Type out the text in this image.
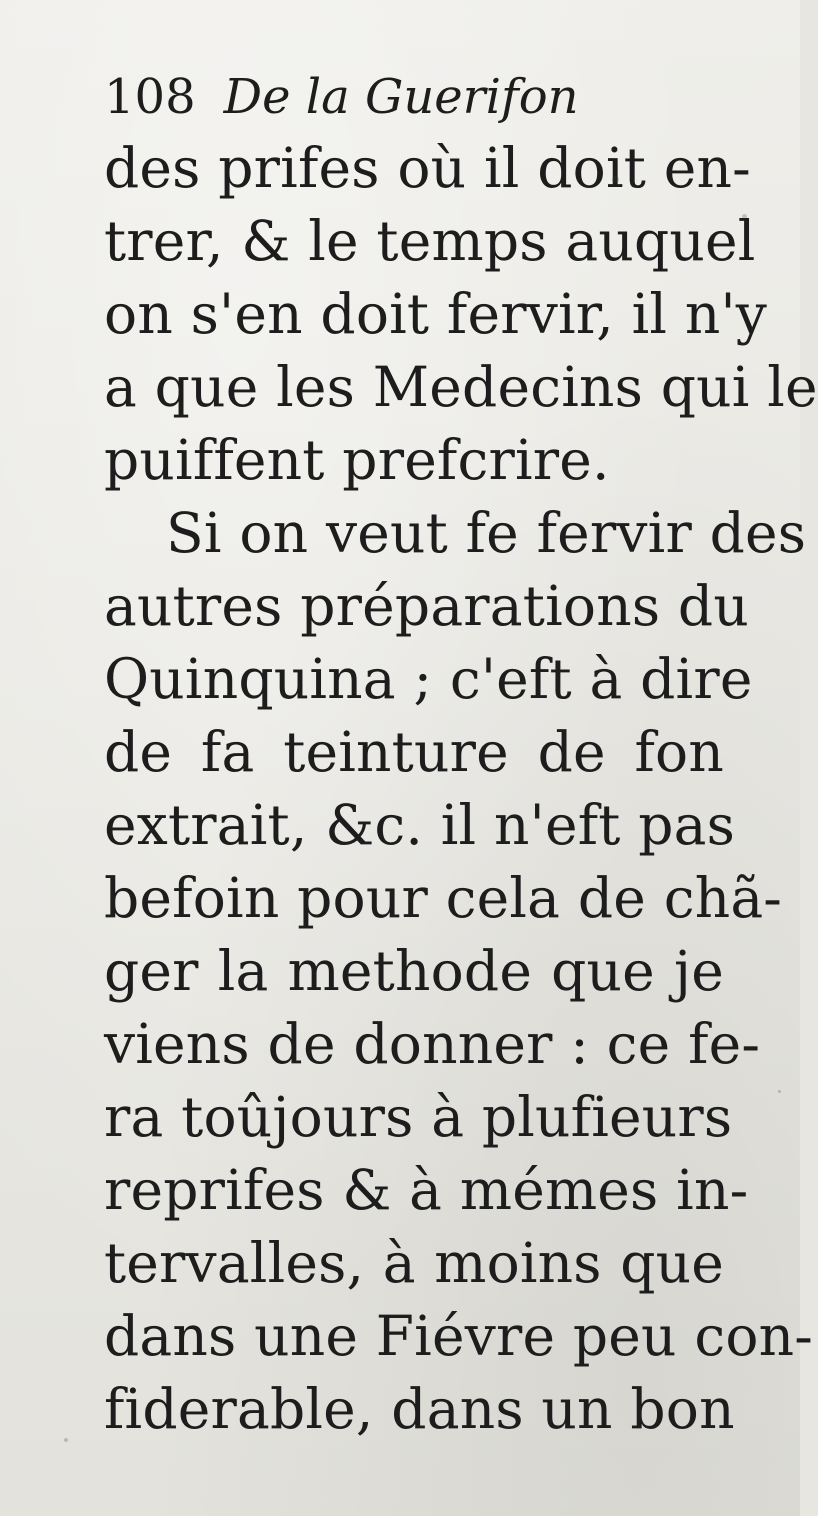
108 De la Guerifon
des prifes où il doit en-
trer, & le temps auquel
on s'en doit fervir, il n'y
a que les Medecins qui le
puiffent prefcrire.
Si on veut fe fervir des
autres préparations du
Quinquina ; c'eft à dire
de fa teinture de fon
extrait, &c. il n'eft pas
befoin pour cela de chã-
ger la methode que je
viens de donner : ce fe-
ra toûjours à plufieurs
reprifes & à mémes in-
tervalles, à moins que
dans une Fiévre peu con-
fiderable, dans un bon
